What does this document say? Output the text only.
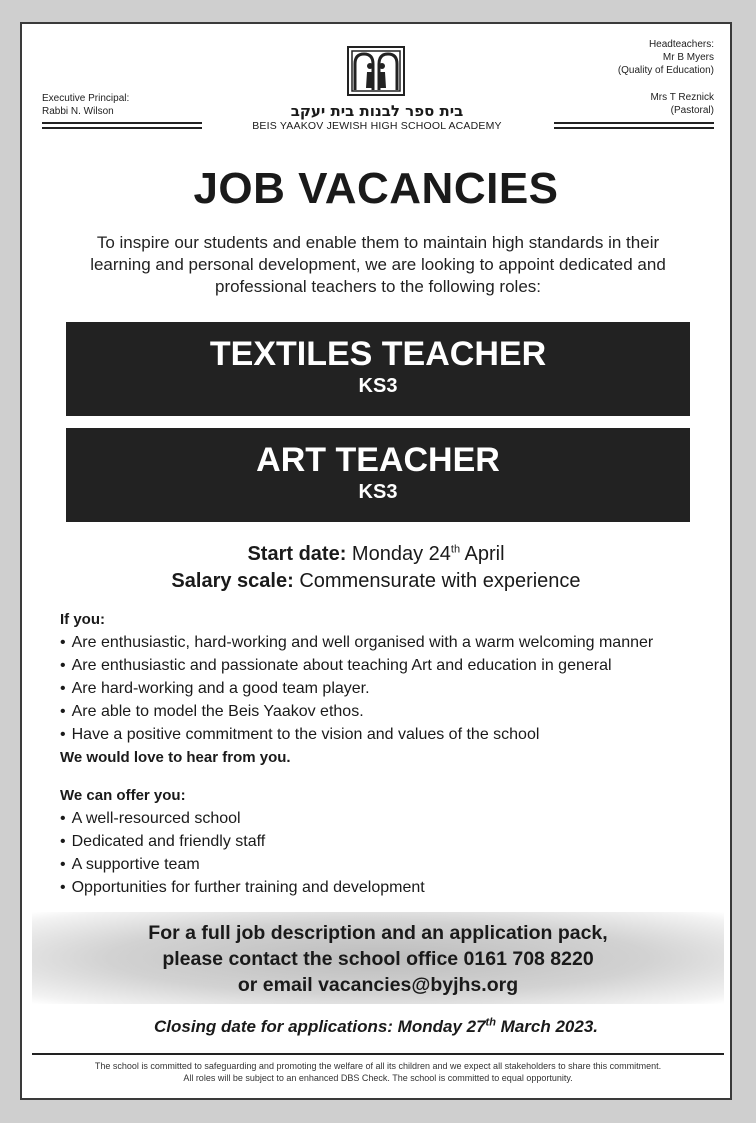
Executive Principal:
Rabbi N. Wilson
Headteachers:
Mr B Myers
(Quality of Education)
Mrs T Reznick
(Pastoral)
בית ספר לבנות בית יעקב
BEIS YAAKOV JEWISH HIGH SCHOOL ACADEMY
JOB VACANCIES
To inspire our students and enable them to maintain high standards in their learning and personal development, we are looking to appoint dedicated and professional teachers to the following roles:
TEXTILES TEACHER
KS3
ART TEACHER
KS3
Start date: Monday 24th April
Salary scale: Commensurate with experience
If you:
• Are enthusiastic, hard-working and well organised with a warm welcoming manner
• Are enthusiastic and passionate about teaching Art and education in general
• Are hard-working and a good team player.
• Are able to model the Beis Yaakov ethos.
• Have a positive commitment to the vision and values of the school
We would love to hear from you.
We can offer you:
• A well-resourced school
• Dedicated and friendly staff
• A supportive team
• Opportunities for further training and development
For a full job description and an application pack,
please contact the school office 0161 708 8220
or email vacancies@byjhs.org
Closing date for applications: Monday 27th March 2023.
The school is committed to safeguarding and promoting the welfare of all its children and we expect all stakeholders to share this commitment.
All roles will be subject to an enhanced DBS Check. The school is committed to equal opportunity.
